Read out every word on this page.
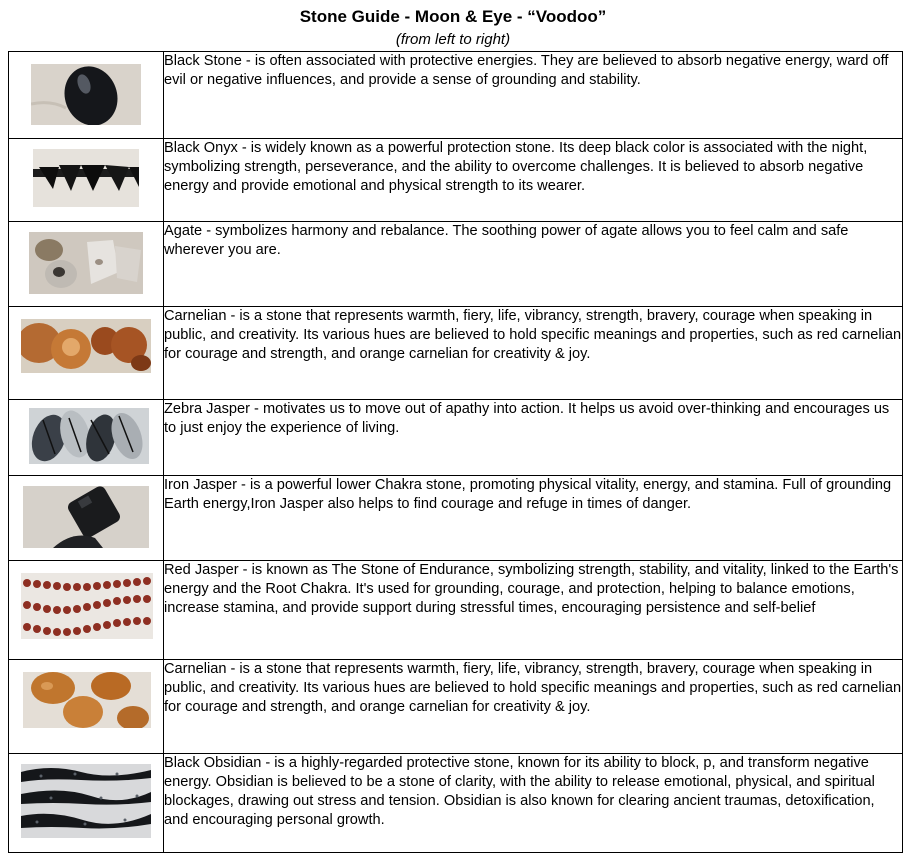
Stone Guide - Moon & Eye - “Voodoo”
(from left to right)
	Black Stone - is often associated with protective energies. They are believed to absorb negative energy, ward off evil or negative influences, and provide a sense of grounding and stability.

	Black Onyx - is widely known as a powerful protection stone. Its deep black color is associated with the night, symbolizing strength, perseverance, and the ability to overcome challenges. It is believed to absorb negative energy and provide emotional and physical strength to its wearer.

	Agate - symbolizes harmony and rebalance. The soothing power of agate allows you to feel calm and safe wherever you are.

	Carnelian - is a stone that represents warmth, fiery, life, vibrancy, strength, bravery, courage when speaking in public, and creativity. Its various hues are believed to hold specific meanings and properties, such as red carnelian for courage and strength, and orange carnelian for creativity & joy.

	Zebra Jasper - motivates us to move out of apathy into action. It helps us avoid over-thinking and encourages us to just enjoy the experience of living.

	Iron Jasper - is a powerful lower Chakra stone, promoting physical vitality, energy, and stamina. Full of grounding Earth energy,Iron Jasper also helps to find courage and refuge in times of danger.

	Red Jasper - is known as The Stone of Endurance, symbolizing strength, stability, and vitality, linked to the Earth's energy and the Root Chakra. It's used for grounding, courage, and protection, helping to balance emotions, increase stamina, and provide support during stressful times, encouraging persistence and self-belief

	Carnelian - is a stone that represents warmth, fiery, life, vibrancy, strength, bravery, courage when speaking in public, and creativity. Its various hues are believed to hold specific meanings and properties, such as red carnelian for courage and strength, and orange carnelian for creativity & joy.

	Black Obsidian - is a highly-regarded protective stone, known for its ability to block, p, and transform negative energy. Obsidian is believed to be a stone of clarity, with the ability to release emotional, physical, and spiritual blockages, drawing out stress and tension. Obsidian is also known for clearing ancient traumas, detoxification, and encouraging personal growth.
